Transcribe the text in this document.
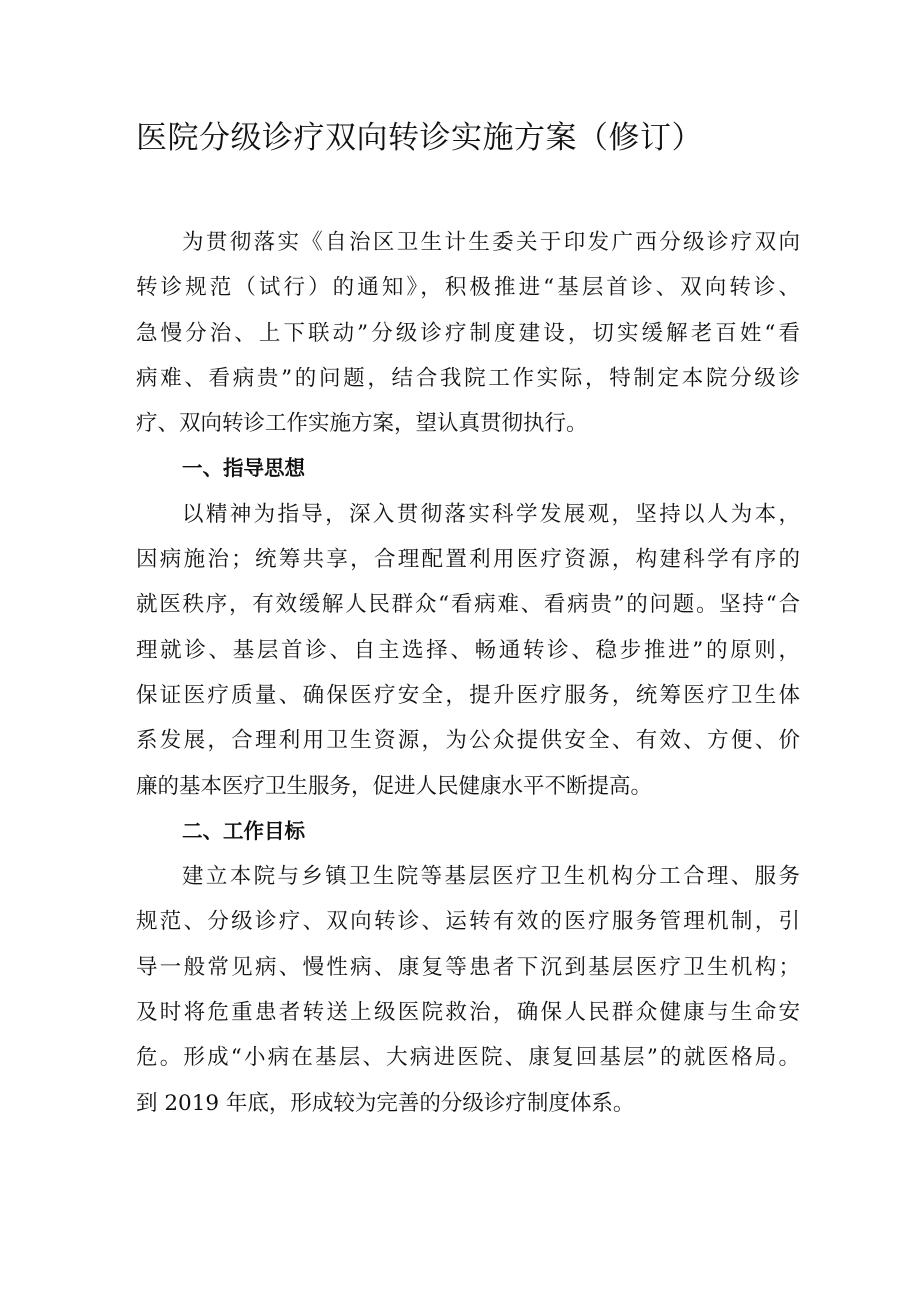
医院分级诊疗双向转诊实施方案（修订）

为贯彻落实《自治区卫生计生委关于印发广西分级诊疗双向
转诊规范（试行）的通知》，积极推进“基层首诊、双向转诊、
急慢分治、上下联动”分级诊疗制度建设，切实缓解老百姓“看
病难、看病贵”的问题，结合我院工作实际，特制定本院分级诊
疗、双向转诊工作实施方案，望认真贯彻执行。

一、指导思想

以精神为指导，深入贯彻落实科学发展观，坚持以人为本，
因病施治；统筹共享，合理配置利用医疗资源，构建科学有序的
就医秩序，有效缓解人民群众“看病难、看病贵”的问题。坚持“合
理就诊、基层首诊、自主选择、畅通转诊、稳步推进”的原则，
保证医疗质量、确保医疗安全，提升医疗服务，统筹医疗卫生体
系发展，合理利用卫生资源，为公众提供安全、有效、方便、价
廉的基本医疗卫生服务，促进人民健康水平不断提高。

二、工作目标

建立本院与乡镇卫生院等基层医疗卫生机构分工合理、服务
规范、分级诊疗、双向转诊、运转有效的医疗服务管理机制，引
导一般常见病、慢性病、康复等患者下沉到基层医疗卫生机构；
及时将危重患者转送上级医院救治，确保人民群众健康与生命安
危。形成“小病在基层、大病进医院、康复回基层”的就医格局。
到 2019 年底，形成较为完善的分级诊疗制度体系。
